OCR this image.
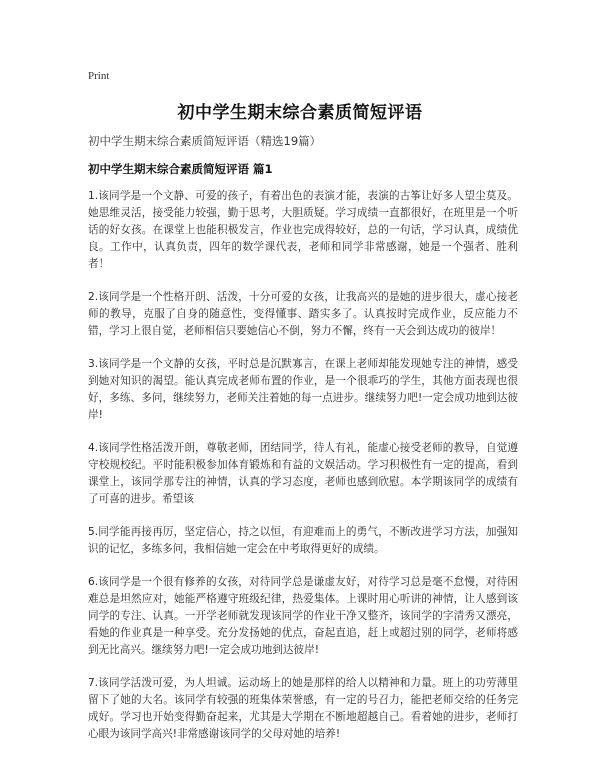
Print
初中学生期末综合素质简短评语
初中学生期末综合素质简短评语（精选19篇）
初中学生期末综合素质简短评语 篇1

1.该同学是一个文静、可爱的孩子，有着出色的表演才能，表演的古筝让好多人望尘莫及。她思维灵活，接受能力较强，勤于思考，大胆质疑。学习成绩一直都很好，在班里是一个听话的好女孩。在课堂上也能积极发言，作业也完成得较好，总的一句话，学习认真，成绩优良。工作中，认真负责，四年的数学课代表，老师和同学非常感谢，她是一个强者、胜利者！

2.该同学是一个性格开朗、活泼，十分可爱的女孩，让我高兴的是她的进步很大，虚心接老师的教导，克服了自身的随意性，变得懂事、踏实多了。认真按时完成作业，反应能力不错，学习上很自觉，老师相信只要她信心不倒，努力不懈，终有一天会到达成功的彼岸！

3.该同学是一个文静的女孩，平时总是沉默寡言，在课上老师却能发现她专注的神情，感受到她对知识的渴望。能认真完成老师布置的作业，是一个很乖巧的学生，其他方面表现也很好，多练、多问，继续努力，老师关注着她的每一点进步。继续努力吧!一定会成功地到达彼岸!

4.该同学性格活泼开朗，尊敬老师，团结同学，待人有礼，能虚心接受老师的教导，自觉遵守校规校纪。平时能积极参加体育锻炼和有益的文娱活动。学习积极性有一定的提高，看到课堂上，该同学那专注的神情，认真的学习态度，老师也感到欣慰。本学期该同学的成绩有了可喜的进步。希望该

5.同学能再接再厉，坚定信心，持之以恒，有迎难而上的勇气，不断改进学习方法，加强知识的记忆，多练多问，我相信她一定会在中考取得更好的成绩。

6.该同学是一个很有修养的女孩，对待同学总是谦虚友好，对待学习总是毫不怠慢，对待困难总是坦然应对，她能严格遵守班级纪律，热爱集体。上课时用心听讲的神情，让人感到该同学的专注、认真。一开学老师就发现该同学的作业干净又整齐，该同学的字清秀又漂亮，看她的作业真是一种享受。充分发扬她的优点，奋起直追，赶上或超过别的同学，老师将感到无比高兴。继续努力吧!一定会成功地到达彼岸!

7.该同学活泼可爱，为人坦诚。运动场上的她是那样的给人以精神和力量。班上的功劳薄里留下了她的大名。该同学有较强的班集体荣誉感，有一定的号召力，能把老师交给的任务完成好。学习也开始变得勤奋起来，尤其是大学期在不断地超越自己。看着她的进步，老师打心眼为该同学高兴!非常感谢该同学的父母对她的培养!
